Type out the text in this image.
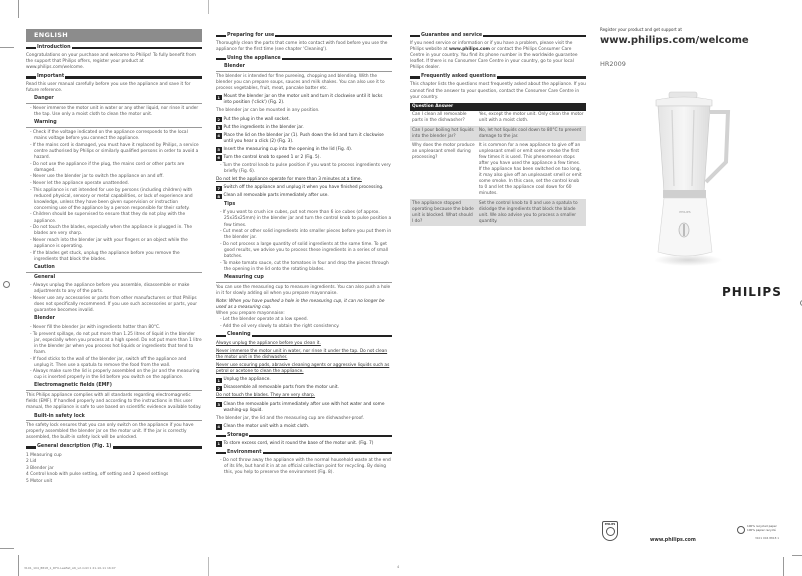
ENGLISH
Introduction

Congratulations on your purchase and welcome to Philips! To fully benefit from the support that Philips offers, register your product at www.philips.com/welcome.

Important

Read this user manual carefully before you use the appliance and save it for future reference.

Danger
- Never immerse the motor unit in water or any other liquid, nor rinse it under the tap. Use only a moist cloth to clean the motor unit.
Warning
- Check if the voltage indicated on the appliance corresponds to the local mains voltage before you connect the appliance.
- If the mains cord is damaged, you must have it replaced by Philips, a service centre authorised by Philips or similarly qualified persons in order to avoid a hazard.
- Do not use the appliance if the plug, the mains cord or other parts are damaged.
- Never use the blender jar to switch the appliance on and off.
- Never let the appliance operate unattended.
- This appliance is not intended for use by persons (including children) with reduced physical, sensory or metal capabilities, or lack of experience and knowledge, unless they have been given supervision or instruction concerning use of the appliance by a person responsible for their safety.
- Children should be supervised to ensure that they do not play with the appliance.
- Do not touch the blades, especially when the appliance is plugged in. The blades are very sharp.
- Never reach into the blender jar with your fingers or an object while the appliance is operating.
- If the blades get stuck, unplug the appliance before you remove the ingredients that block the blades.
Caution
General
- Always unplug the appliance before you assemble, disassemble or make adjustments to any of the parts.
- Never use any accessories or parts from other manufacturers or that Philips does not specifically recommend. If you use such accessories or parts, your guarantee becomes invalid.
Blender
- Never fill the blender jar with ingredients hotter than 80°C.
- To prevent spillage, do not put more than 1.25 litres of liquid in the blender jar, especially when you process at a high speed. Do not put more than 1 litre in the blender jar when you process hot liquids or ingredients that tend to foam.
- If food sticks to the wall of the blender jar, switch off the appliance and unplug it. Then use a spatula to remove the food from the wall.
- Always make sure the lid is properly assembled on the jar and the measuring cup is inserted properly in the lid before you switch on the appliance.
Electromagnetic fields (EMF)

This Philips appliance complies with all standards regarding electromagnetic fields (EMF). If handled properly and according to the instructions in this user manual, the appliance is safe to use based on scientific evidence available today.

Built-in safety lock

The safety lock ensures that you can only switch on the appliance if you have properly assembled the blender jar on the motor unit. If the jar is correctly assembled, the built-in safety lock will be unlocked.

General description (Fig. 1)
1 Measuring cup
2 Lid
3 Blender jar
4 Control knob with pulse setting, off setting and 2 speed settings
5 Motor unit
Preparing for use

Thoroughly clean the parts that come into contact with food before you use the appliance for the first time (see chapter 'Cleaning').

Using the appliance
Blender

The blender is intended for fine pureeing, chopping and blending. With the blender you can prepare soups, sauces and milk shakes. You can also use it to process vegetables, fruit, meat, pancake batter etc.

1 Mount the blender jar on the motor unit and turn it clockwise until it locks into position ('click') (Fig. 2).
The blender jar can be mounted in any position.
2 Put the plug in the wall socket.
3 Put the ingredients in the blender jar.
4 Place the lid on the blender jar (1). Push down the lid and turn it clockwise until you hear a click (2) (Fig. 3).
5 Insert the measuring cup into the opening in the lid (Fig. 4).
6 Turn the control knob to speed 1 or 2 (Fig. 5).
- Turn the control knob to pulse position if you want to process ingredients very briefly (Fig. 6).
Do not let the appliance operate for more than 3 minutes at a time.
7 Switch off the appliance and unplug it when you have finished processing.
8 Clean all removable parts immediately after use.
Tips
- If you want to crush ice cubes, put not more than 6 ice cubes (of approx. 25x35x25mm) in the blender jar and turn the control knob to pulse position a few times.
- Cut meat or other solid ingredients into smaller pieces before you put them in the blender jar.
- Do not process a large quantity of solid ingredients at the same time. To get good results, we advise you to process these ingredients in a series of small batches.
- To make tomato sauce, cut the tomatoes in four and drop the pieces through the opening in the lid onto the rotating blades.
Measuring cup

You can use the measuring cup to measure ingredients. You can also push a hole in it for slowly adding oil when you prepare mayonnaise.

Note: When you have pushed a hole in the measuring cup, it can no longer be used as a measuring cup.
When you prepare mayonnaise:
- Let the blender operate at a low speed.
- Add the oil very slowly to obtain the right consistency.
Cleaning
Always unplug the appliance before you clean it.
Never immerse the motor unit in water, nor rinse it under the tap. Do not clean the motor unit in the dishwasher.
Never use scouring pads, abrasive cleaning agents or aggressive liquids such as petrol or acetone to clean the appliance.
1 Unplug the appliance.
2 Disassemble all removable parts from the motor unit.
Do not touch the blades. They are very sharp.
3 Clean the removable parts immediately after use with hot water and some washing-up liquid.
The blender jar, the lid and the measuring cup are dishwasher-proof.
4 Clean the motor unit with a moist cloth.
Storage
1 To store excess cord, wind it round the base of the motor unit. (Fig. 7)
Environment
- Do not throw away the appliance with the normal household waste at the end of its life, but hand it in at an official collection point for recycling. By doing this, you help to preserve the environment (Fig. 8).
Guarantee and service

If you need service or information or if you have a problem, please visit the Philips website at www.philips.com or contact the Philips Consumer Care Centre in your country. You find its phone number in the worldwide guarantee leaflet. If there is no Consumer Care Centre in your country, go to your local Philips dealer.

Frequently asked questions

This chapter lists the questions most frequently asked about the appliance. If you cannot find the answer to your question, contact the Consumer Care Centre in your country.

Question Answer	
Can I clean all removable parts in the dishwasher?	Yes, except the motor unit. Only clean the motor unit with a moist cloth.
Can I pour boiling hot liquids into the blender jar?	No, let hot liquids cool down to 80°C to prevent damage to the jar.
Why does the motor produce an unpleasant smell during processing?	It is common for a new appliance to give off an unpleasant smell or emit some smoke the first few times it is used. This phenomenon stops after you have used the appliance a few times. If the appliance has been switched on too long, it may also give off an unpleasant smell or emit some smoke. In this case, set the control knob to 0 and let the appliance cool down for 60 minutes.
The appliance stopped operating because the blade unit is blocked. What should I do?	Set the control knob to 0 and use a spatula to dislodge the ingredients that block the blade unit. We also advise you to process a smaller quantity.
Register your product and get support at
www.philips.com/welcome
HR2009
PHILIPS
PHILIPS
PHILIPS
www.philips.com
100% recycled paper
100% papier recyclé
3101 004 8818 1
3101_104_8818_1_DFU-Leaflet_A6_v2.indd 1 21-10-11 16:07	4
